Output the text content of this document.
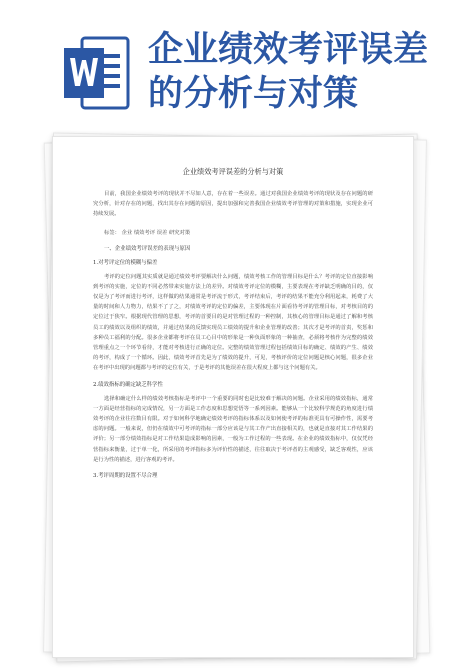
企业绩效考评误差
的分析与对策
企业绩效考评误差的分析与对策
目前，我国企业绩效考评的现状并不尽如人意，存在着一些误差。通过对我国企业绩效考评的现状及存在问题的研究分析，针对存在的问题，找出其存在问题的原因，提出加强和完善我国企业绩效考评管理的对策和措施，实现企业可持续发展。
标签： 企业 绩效考评 误差 研究对策
一、企业绩效考评误差的表现与原因
1.对考评定位的模糊与偏差
考评的定位问题其实质就是通过绩效考评要解决什么问题，绩效考核工作的管理目标是什么？考评的定位直接影响到考评的实施，定位的不同必然带来实施方法上的差异。对绩效考评定位的模糊，主要表现在考评缺乏明确的目的，仅仅是为了考评而进行考评，这样做的结果通常是考评流于形式，考评结束后，考评的结果不能充分利用起来，耗费了大量的时间和人力物力，结果不了了之，对绩效考评的定位的偏差，主要体现在片面看待考评的管理目标，对考核目的的定位过于狭窄。根据现代管理的思想，考评的首要目的是对管理过程的一种控制，其核心的管理目标是通过了解和考核员工的绩效以及组织的绩效，并通过结果的反馈实现员工绩效的提升和企业管理的改善；其次才是考评的首责，奖惩和多种员工福利的分配。很多企业都将考评在员工心目中的形象是一种负面形象的一种抽查，必须将考核作为完整的绩效管理重点之一个环节看待，才能对考核进行正确的定位。完整的绩效管理过程包括绩效目标的确定、绩效的产生、绩效的考评，构成了一个循环。因此，绩效考评首先是为了绩效的提升，可见，考核评价的定位问题是核心问题，很多企业在考评中出现的问题都与考评的定位有关，于是考评的其他误差在很大程度上都与这个问题有关。
2.绩效指标的确定缺乏科学性
选择和确定什么样的绩效考核指标是考评中一个重要的同时也是比较难于解决的问题。企业采用的绩效指标，通常一方面是经营指标的完成情况，另一方面是工作态度和思想觉悟等一系列因素。能够从一个比较科学规范的角度进行绩效考评的企业往往数目有限。对于如何科学地确定绩效考评的指标体系以及如何使考评的标准更具有可操作性，需要考虑的问题。一般来说，但仍在绩效中可考评的指标一部分应该是与其工作产出直接相关的，也就是直接对其工作结果的评价；另一部分绩效指标是对工作结果造成影响的因素，一般为工作过程的一些表现。在企业的绩效指标中，仅仅凭经营指标来衡量，过于单一化，所采用的考评指标多为评价性的描述，往往取决于考评者的主观感受，缺乏客观性，应该是行为性的描述，进行客观的考评。
3.考评周期的设置不尽合理
